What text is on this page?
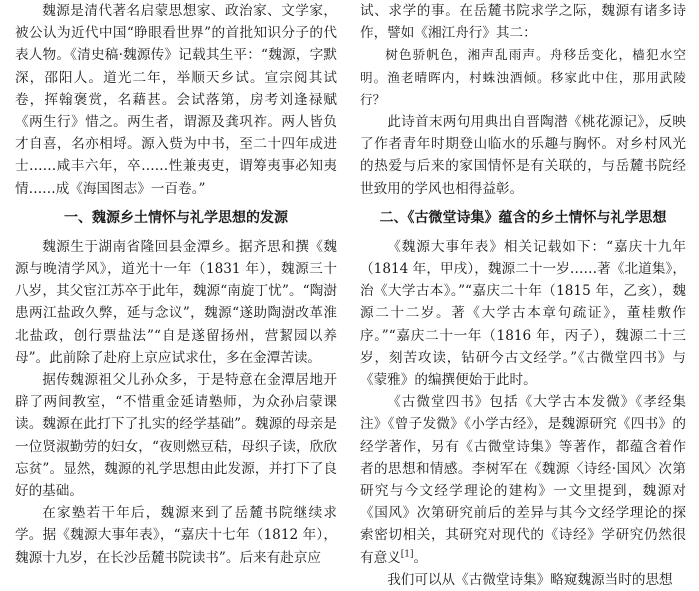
魏源是清代著名启蒙思想家、政治家、文学家，被公认为近代中国“睁眼看世界”的首批知识分子的代表人物。《清史稿·魏源传》记载其生平：“魏源，字默深，邵阳人。道光二年，举顺天乡试。宣宗阅其试卷，挥翰褒赏，名藉甚。会试落第，房考刘逢禄赋《两生行》惜之。两生者，谓源及龚巩祚。两人皆负才自喜，名亦相埒。源入赀为中书，至二十四年成进士……咸丰六年，卒……性兼夷吏，谓筹夷事必知夷情……成《海国图志》一百卷。”

一、魏源乡土情怀与礼学思想的发源

魏源生于湖南省隆回县金潭乡。据齐思和撰《魏源与晚清学风》，道光十一年（1831 年），魏源三十八岁，其父宦江苏卒于此年，魏源“南旋丁忧”。“陶澍患两江盐政久弊，延与念议”，魏源“遂助陶澍改革淮北盐政，创行票盐法”“自是遂留扬州，营絜园以养母”。此前除了赴府上京应试求仕，多在金潭苦读。

据传魏源祖父儿孙众多，于是特意在金潭居地开辟了两间教室，“不惜重金延请塾师，为众孙启蒙课读。魏源在此打下了扎实的经学基础”。魏源的母亲是一位贤淑勤劳的妇女，“夜则燃豆秸，母织子读，欣欣忘贫”。显然，魏源的礼学思想由此发源，并打下了良好的基础。

在家塾若干年后，魏源来到了岳麓书院继续求学。据《魏源大事年表》，“嘉庆十七年（1812 年），魏源十九岁，在长沙岳麓书院读书”。后来有赴京应

试、求学的事。在岳麓书院求学之际，魏源有诸多诗作，譬如《湘江舟行》其二：

树色骄帆色，湘声乱雨声。舟移岳变化，樯犯水空明。渔老晴晖内，村蛛浊酒倾。移家此中住，那用武陵行？

此诗首末两句用典出自晋陶潜《桃花源记》，反映了作者青年时期登山临水的乐趣与胸怀。对乡村风光的热爱与后来的家国情怀是有关联的，与岳麓书院经世致用的学风也相得益彰。

二、《古微堂诗集》蕴含的乡土情怀与礼学思想

《魏源大事年表》相关记载如下：“嘉庆十九年（1814 年，甲戌），魏源二十一岁……著《北道集》，治《大学古本》。”“嘉庆二十年（1815 年，乙亥），魏源二十二岁。著《大学古本章句疏证》，董桂敷作序。”“嘉庆二十一年（1816 年，丙子），魏源二十三岁，刻苦攻读，钻研今古文经学。”《古微堂四书》与《蒙雅》的编撰便始于此时。

《古微堂四书》包括《大学古本发微》《孝经集注》《曾子发微》《小学古经》，是魏源研究《四书》的经学著作，另有《古微堂诗集》等著作，都蕴含着作者的思想和情感。李树军在《魏源〈诗经·国风〉次第研究与今文经学理论的建构》一文里提到，魏源对《国风》次第研究前后的差异与其今文经学理论的探索密切相关，其研究对现代的《诗经》学研究仍然很有意义[1]。

我们可以从《古微堂诗集》略窥魏源当时的思想
